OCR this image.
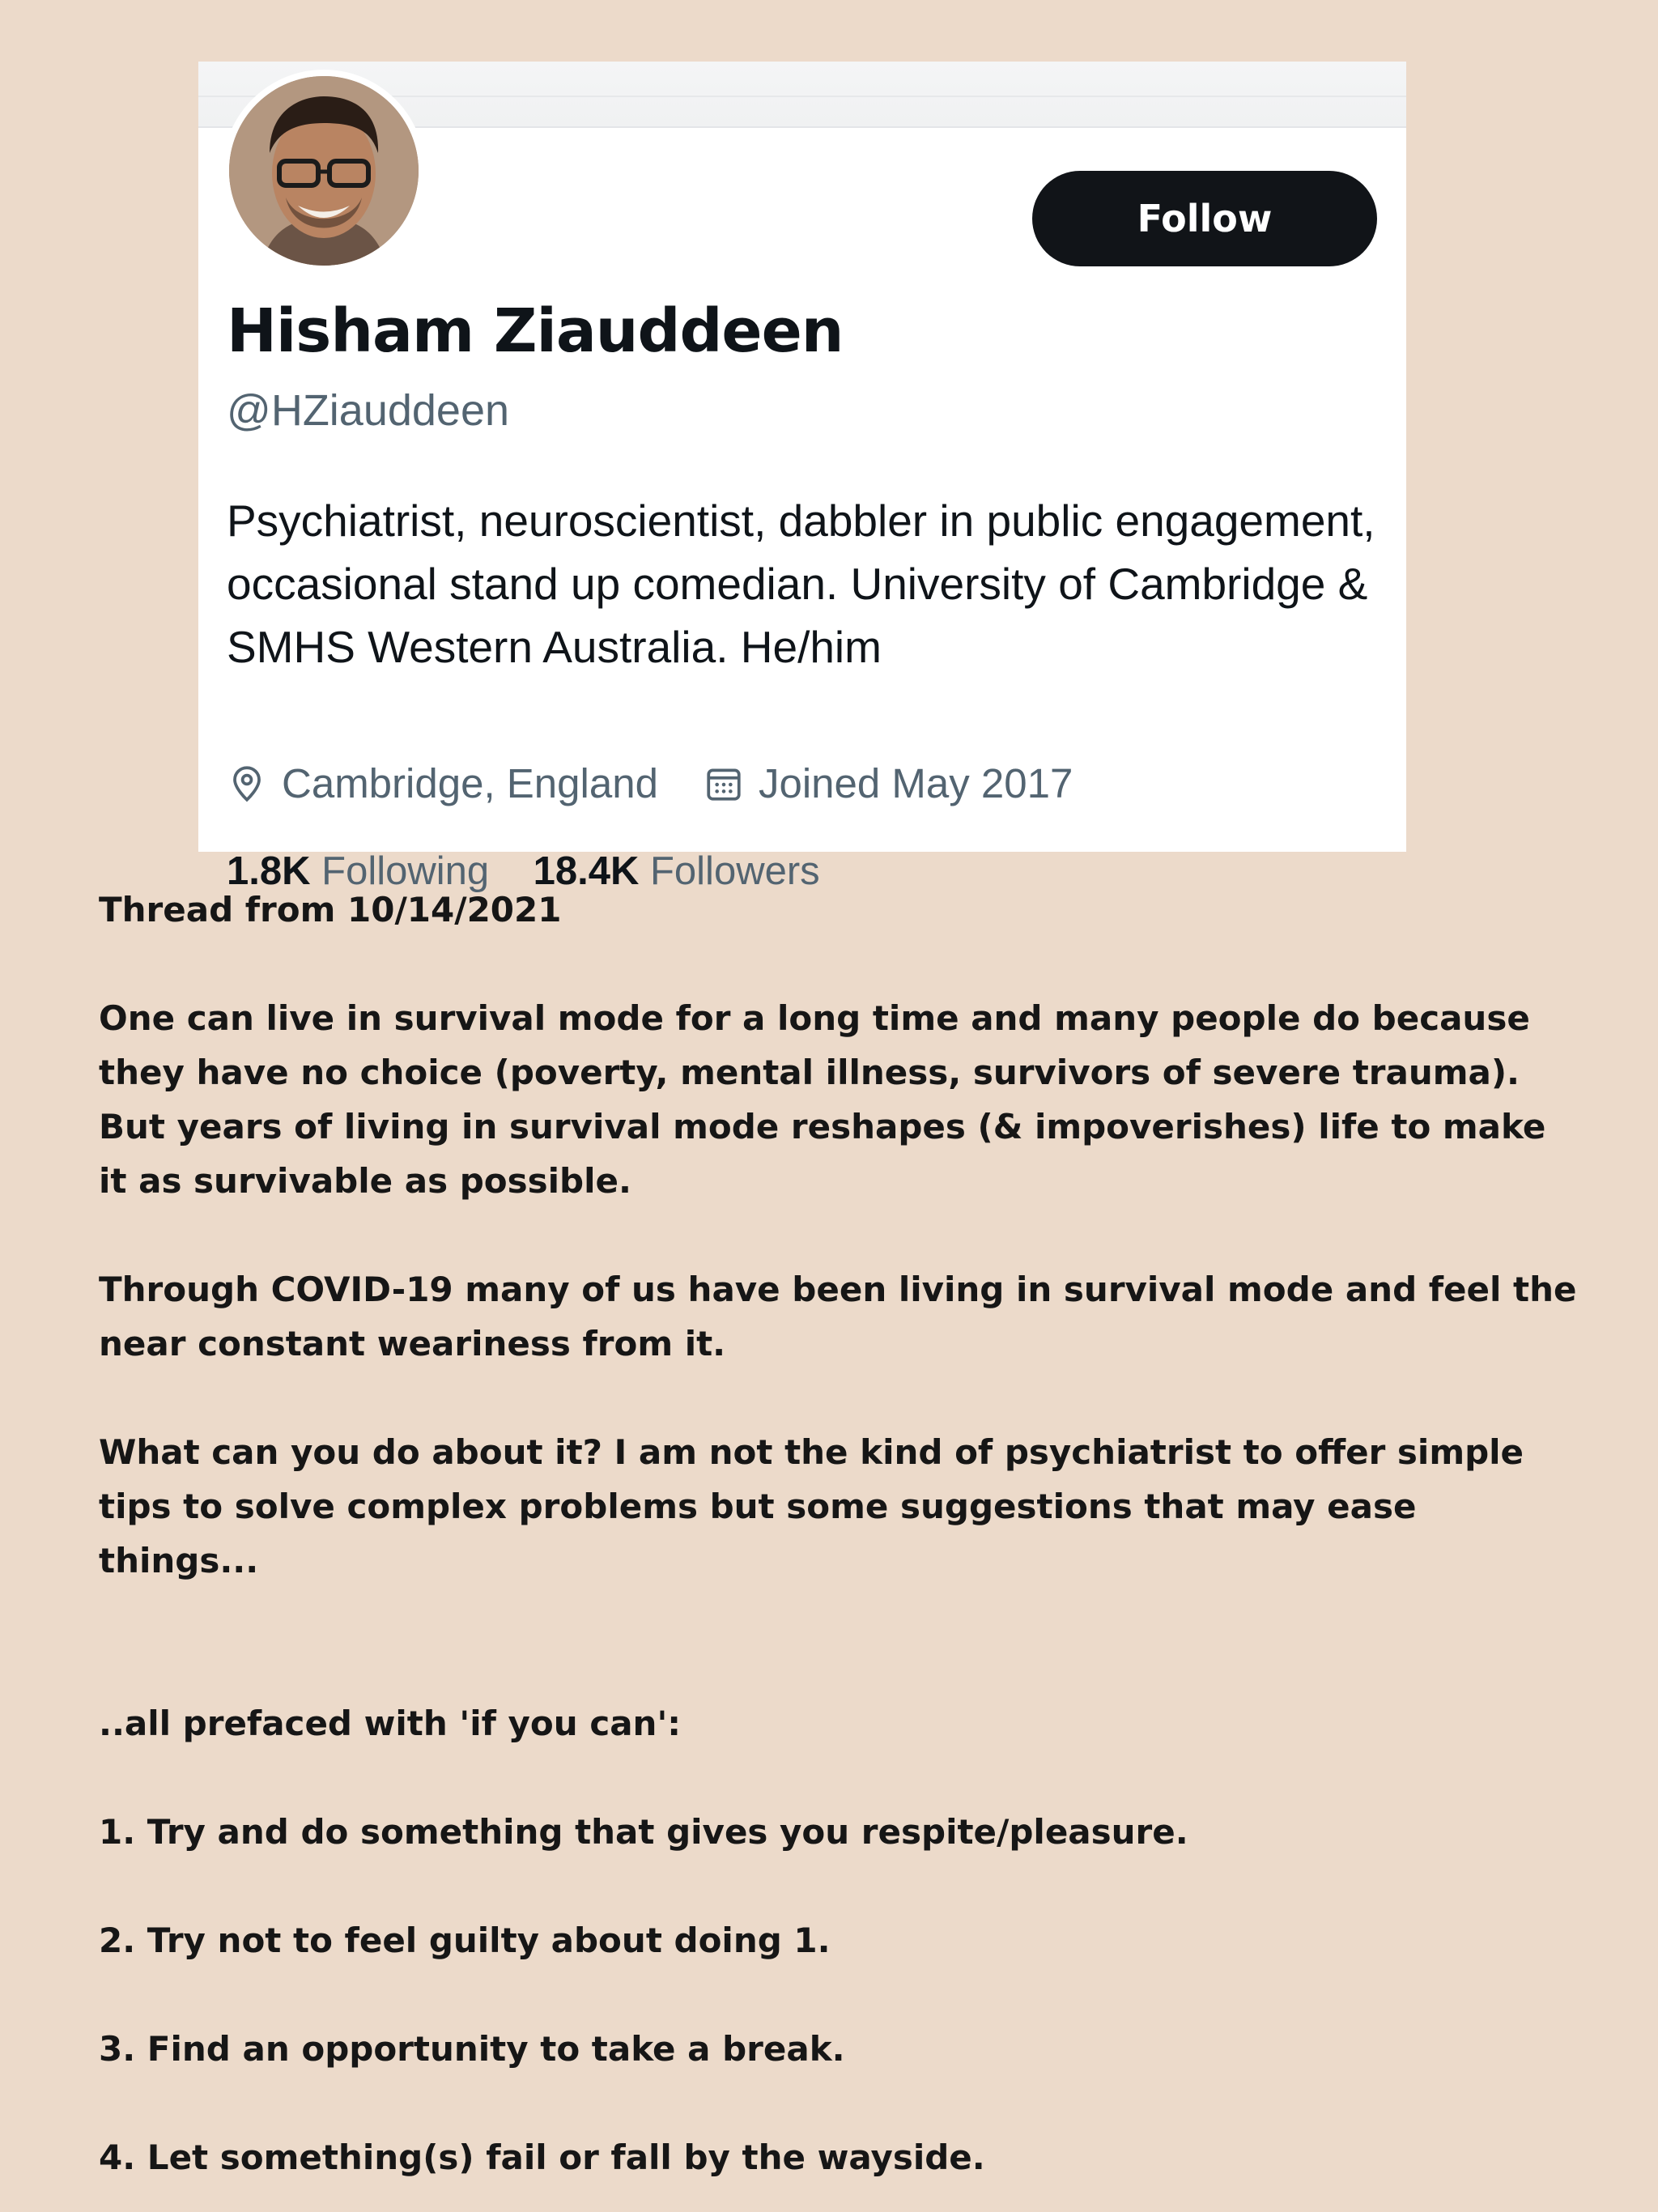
Follow
Hisham Ziauddeen
@HZiauddeen
Psychiatrist, neuroscientist, dabbler in public engagement, occasional stand up comedian. University of Cambridge & SMHS Western Australia. He/him
Cambridge, England Joined May 2017
1.8K Following 18.4K Followers

Thread from 10/14/2021

One can live in survival mode for a long time and many people do because they have no choice (poverty, mental illness, survivors of severe trauma). But years of living in survival mode reshapes (& impoverishes) life to make it as survivable as possible.

Through COVID-19 many of us have been living in survival mode and feel the near constant weariness from it.

What can you do about it? I am not the kind of psychiatrist to offer simple tips to solve complex problems but some suggestions that may ease things...

..all prefaced with 'if you can':

1. Try and do something that gives you respite/pleasure.

2. Try not to feel guilty about doing 1.

3. Find an opportunity to take a break.

4. Let something(s) fail or fall by the wayside.
